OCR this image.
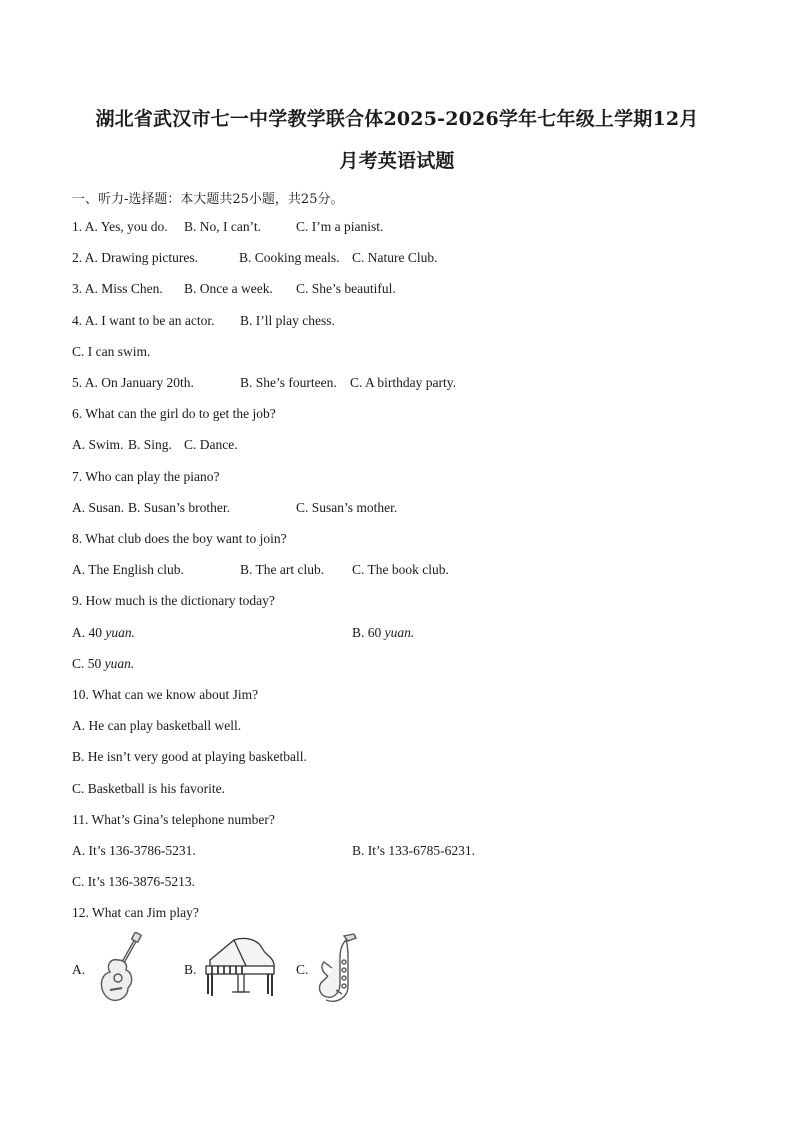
湖北省武汉市七一中学教学联合体2025-2026学年七年级上学期12月
月考英语试题
一、听力-选择题：本大题共25小题，共25分。
1. A. Yes, you do. B. No, I can’t.	C. I’m a pianist.
2. A. Drawing pictures.	B. Cooking meals. C. Nature Club.
3. A. Miss Chen. B. Once a week. C. She’s beautiful.
4. A. I want to be an actor. B. I’ll play chess.
C. I can swim.
5. A. On January 20th.	B. She’s fourteen. C. A birthday party.
6. What can the girl do to get the job?
A. Swim. B. Sing. C. Dance.
7. Who can play the piano?
A. Susan. B. Susan’s brother.	C. Susan’s mother.
8. What club does the boy want to join?
A. The English club.	B. The art club. C. The book club.
9. How much is the dictionary today?
A. 40 yuan.	B. 60 yuan.
C. 50 yuan.
10. What can we know about Jim?
A. He can play basketball well.
B. He isn’t very good at playing basketball.
C. Basketball is his favorite.
11. What’s Gina’s telephone number?
A. It’s 136-3786-5231.	B. It’s 133-6785-6231.
C. It’s 136-3876-5213.
12. What can Jim play?
A.	B.	C.
